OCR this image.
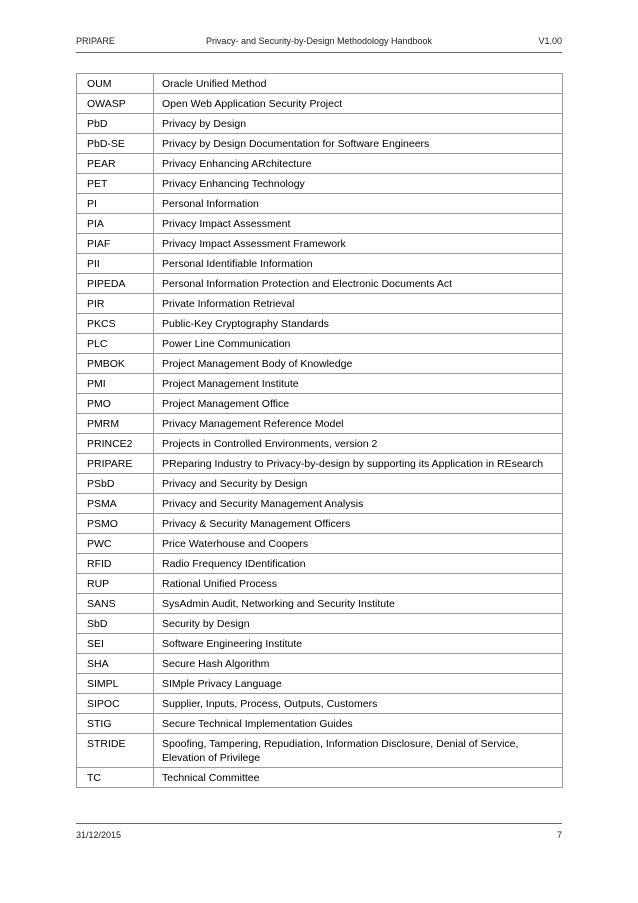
PRIPARE	Privacy- and Security-by-Design Methodology Handbook	V1.00
OUM	Oracle Unified Method
OWASP	Open Web Application Security Project
PbD	Privacy by Design
PbD-SE	Privacy by Design Documentation for Software Engineers
PEAR	Privacy Enhancing ARchitecture
PET	Privacy Enhancing Technology
PI	Personal Information
PIA	Privacy Impact Assessment
PIAF	Privacy Impact Assessment Framework
PII	Personal Identifiable Information
PIPEDA	Personal Information Protection and Electronic Documents Act
PIR	Private Information Retrieval
PKCS	Public-Key Cryptography Standards
PLC	Power Line Communication
PMBOK	Project Management Body of Knowledge
PMI	Project Management Institute
PMO	Project Management Office
PMRM	Privacy Management Reference Model
PRINCE2	Projects in Controlled Environments, version 2
PRIPARE	PReparing Industry to Privacy-by-design by supporting its Application in REsearch
PSbD	Privacy and Security by Design
PSMA	Privacy and Security Management Analysis
PSMO	Privacy & Security Management Officers
PWC	Price Waterhouse and Coopers
RFID	Radio Frequency IDentification
RUP	Rational Unified Process
SANS	SysAdmin Audit, Networking and Security Institute
SbD	Security by Design
SEI	Software Engineering Institute
SHA	Secure Hash Algorithm
SIMPL	SIMple Privacy Language
SIPOC	Supplier, Inputs, Process, Outputs, Customers
STIG	Secure Technical Implementation Guides
STRIDE	Spoofing, Tampering, Repudiation, Information Disclosure, Denial of Service, Elevation of Privilege
TC	Technical Committee
31/12/2015	7
